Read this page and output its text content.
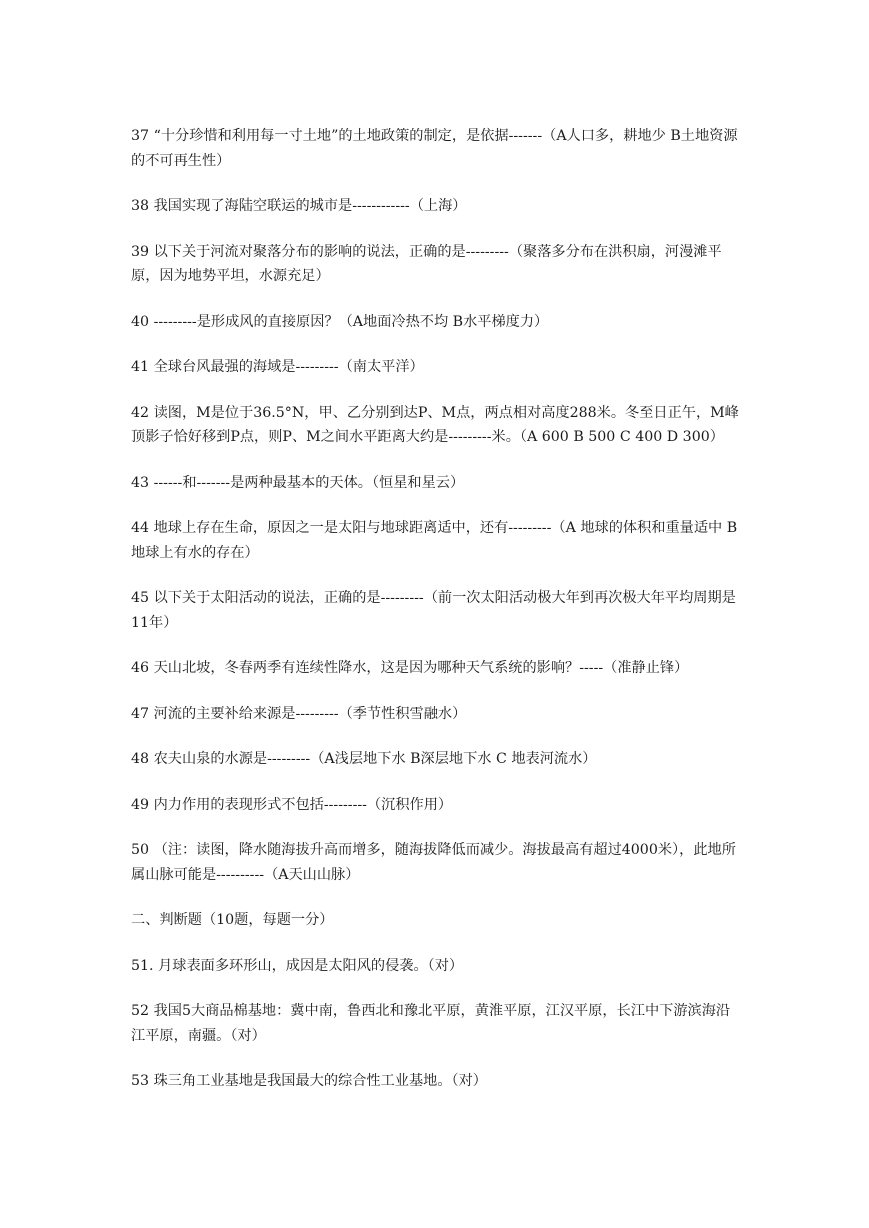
37 “十分珍惜和利用每一寸土地”的土地政策的制定，是依据-------（A人口多，耕地少 B土地资源的不可再生性）

38 我国实现了海陆空联运的城市是------------（上海）

39 以下关于河流对聚落分布的影响的说法，正确的是---------（聚落多分布在洪积扇，河漫滩平原，因为地势平坦，水源充足）

40 ---------是形成风的直接原因？（A地面冷热不均 B水平梯度力）

41 全球台风最强的海域是---------（南太平洋）

42 读图，M是位于36.5°N，甲、乙分别到达P、M点，两点相对高度288米。冬至日正午，M峰顶影子恰好移到P点，则P、M之间水平距离大约是---------米。（A 600 B 500 C 400 D 300）

43 ------和-------是两种最基本的天体。（恒星和星云）

44 地球上存在生命，原因之一是太阳与地球距离适中，还有---------（A 地球的体积和重量适中 B 地球上有水的存在）

45 以下关于太阳活动的说法，正确的是---------（前一次太阳活动极大年到再次极大年平均周期是11年）

46 天山北坡，冬春两季有连续性降水，这是因为哪种天气系统的影响？-----（准静止锋）

47 河流的主要补给来源是---------（季节性积雪融水）

48 农夫山泉的水源是---------（A浅层地下水 B深层地下水 C 地表河流水）

49 内力作用的表现形式不包括---------（沉积作用）

50 （注：读图，降水随海拔升高而增多，随海拔降低而减少。海拔最高有超过4000米），此地所属山脉可能是----------（A天山山脉）

二、判断题（10题，每题一分）

51. 月球表面多环形山，成因是太阳风的侵袭。（对）

52 我国5大商品棉基地：冀中南，鲁西北和豫北平原，黄淮平原，江汉平原，长江中下游滨海沿江平原，南疆。（对）

53 珠三角工业基地是我国最大的综合性工业基地。（对）
